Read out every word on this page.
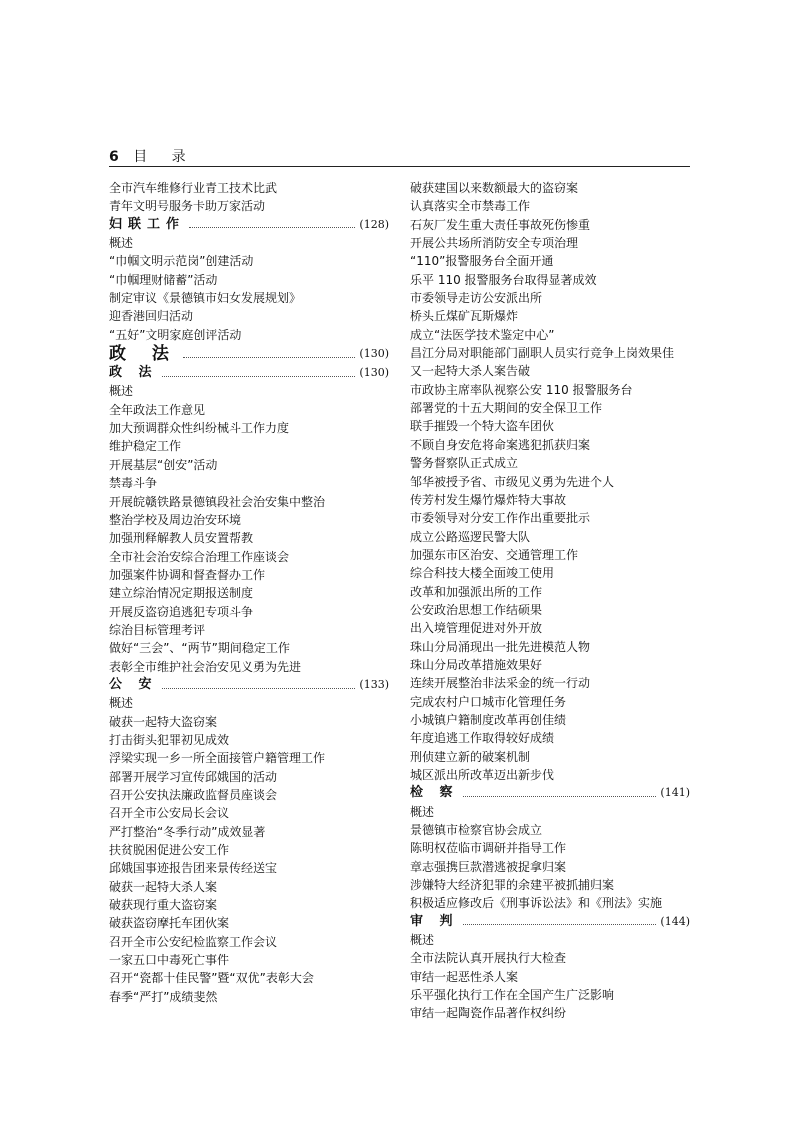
6 目 录
全市汽车维修行业青工技术比武
青年文明号服务卡助万家活动
妇联工作	(128)
概述
“巾帼文明示范岗”创建活动
“巾帼理财储蓄”活动
制定审议《景德镇市妇女发展规划》
迎香港回归活动
“五好”文明家庭创评活动
政 法	(130)
政 法	(130)
概述
全年政法工作意见
加大预调群众性纠纷械斗工作力度
维护稳定工作
开展基层“创安”活动
禁毒斗争
开展皖赣铁路景德镇段社会治安集中整治
整治学校及周边治安环境
加强刑释解教人员安置帮教
全市社会治安综合治理工作座谈会
加强案件协调和督查督办工作
建立综治情况定期报送制度
开展反盗窃追逃犯专项斗争
综治目标管理考评
做好“三会”、“两节”期间稳定工作
表彰全市维护社会治安见义勇为先进
公 安	(133)
概述
破获一起特大盗窃案
打击街头犯罪初见成效
浮梁实现一乡一所全面接管户籍管理工作
部署开展学习宣传邱娥国的活动
召开公安执法廉政监督员座谈会
召开全市公安局长会议
严打整治“冬季行动”成效显著
扶贫脱困促进公安工作
邱娥国事迹报告团来景传经送宝
破获一起特大杀人案
破获现行重大盗窃案
破获盗窃摩托车团伙案
召开全市公安纪检监察工作会议
一家五口中毒死亡事件
召开“瓷都十佳民警”暨“双优”表彰大会
春季“严打”成绩斐然
破获建国以来数额最大的盗窃案
认真落实全市禁毒工作
石灰厂发生重大责任事故死伤惨重
开展公共场所消防安全专项治理
“110”报警服务台全面开通
乐平 110 报警服务台取得显著成效
市委领导走访公安派出所
桥头丘煤矿瓦斯爆炸
成立“法医学技术鉴定中心”
昌江分局对职能部门副职人员实行竞争上岗效果佳
又一起特大杀人案告破
市政协主席率队视察公安 110 报警服务台
部署党的十五大期间的安全保卫工作
联手摧毁一个特大盗车团伙
不顾自身安危将命案逃犯抓获归案
警务督察队正式成立
邹华被授予省、市级见义勇为先进个人
传芳村发生爆竹爆炸特大事故
市委领导对分安工作作出重要批示
成立公路巡逻民警大队
加强东市区治安、交通管理工作
综合科技大楼全面竣工使用
改革和加强派出所的工作
公安政治思想工作结硕果
出入境管理促进对外开放
珠山分局涌现出一批先进模范人物
珠山分局改革措施效果好
连续开展整治非法采金的统一行动
完成农村户口城市化管理任务
小城镇户籍制度改革再创佳绩
年度追逃工作取得较好成绩
刑侦建立新的破案机制
城区派出所改革迈出新步伐
检 察	(141)
概述
景德镇市检察官协会成立
陈明权莅临市调研并指导工作
章志强携巨款潜逃被捉拿归案
涉嫌特大经济犯罪的余建平被抓捕归案
积极适应修改后《刑事诉讼法》和《刑法》实施
审 判	(144)
概述
全市法院认真开展执行大检查
审结一起恶性杀人案
乐平强化执行工作在全国产生广泛影响
审结一起陶瓷作品著作权纠纷
